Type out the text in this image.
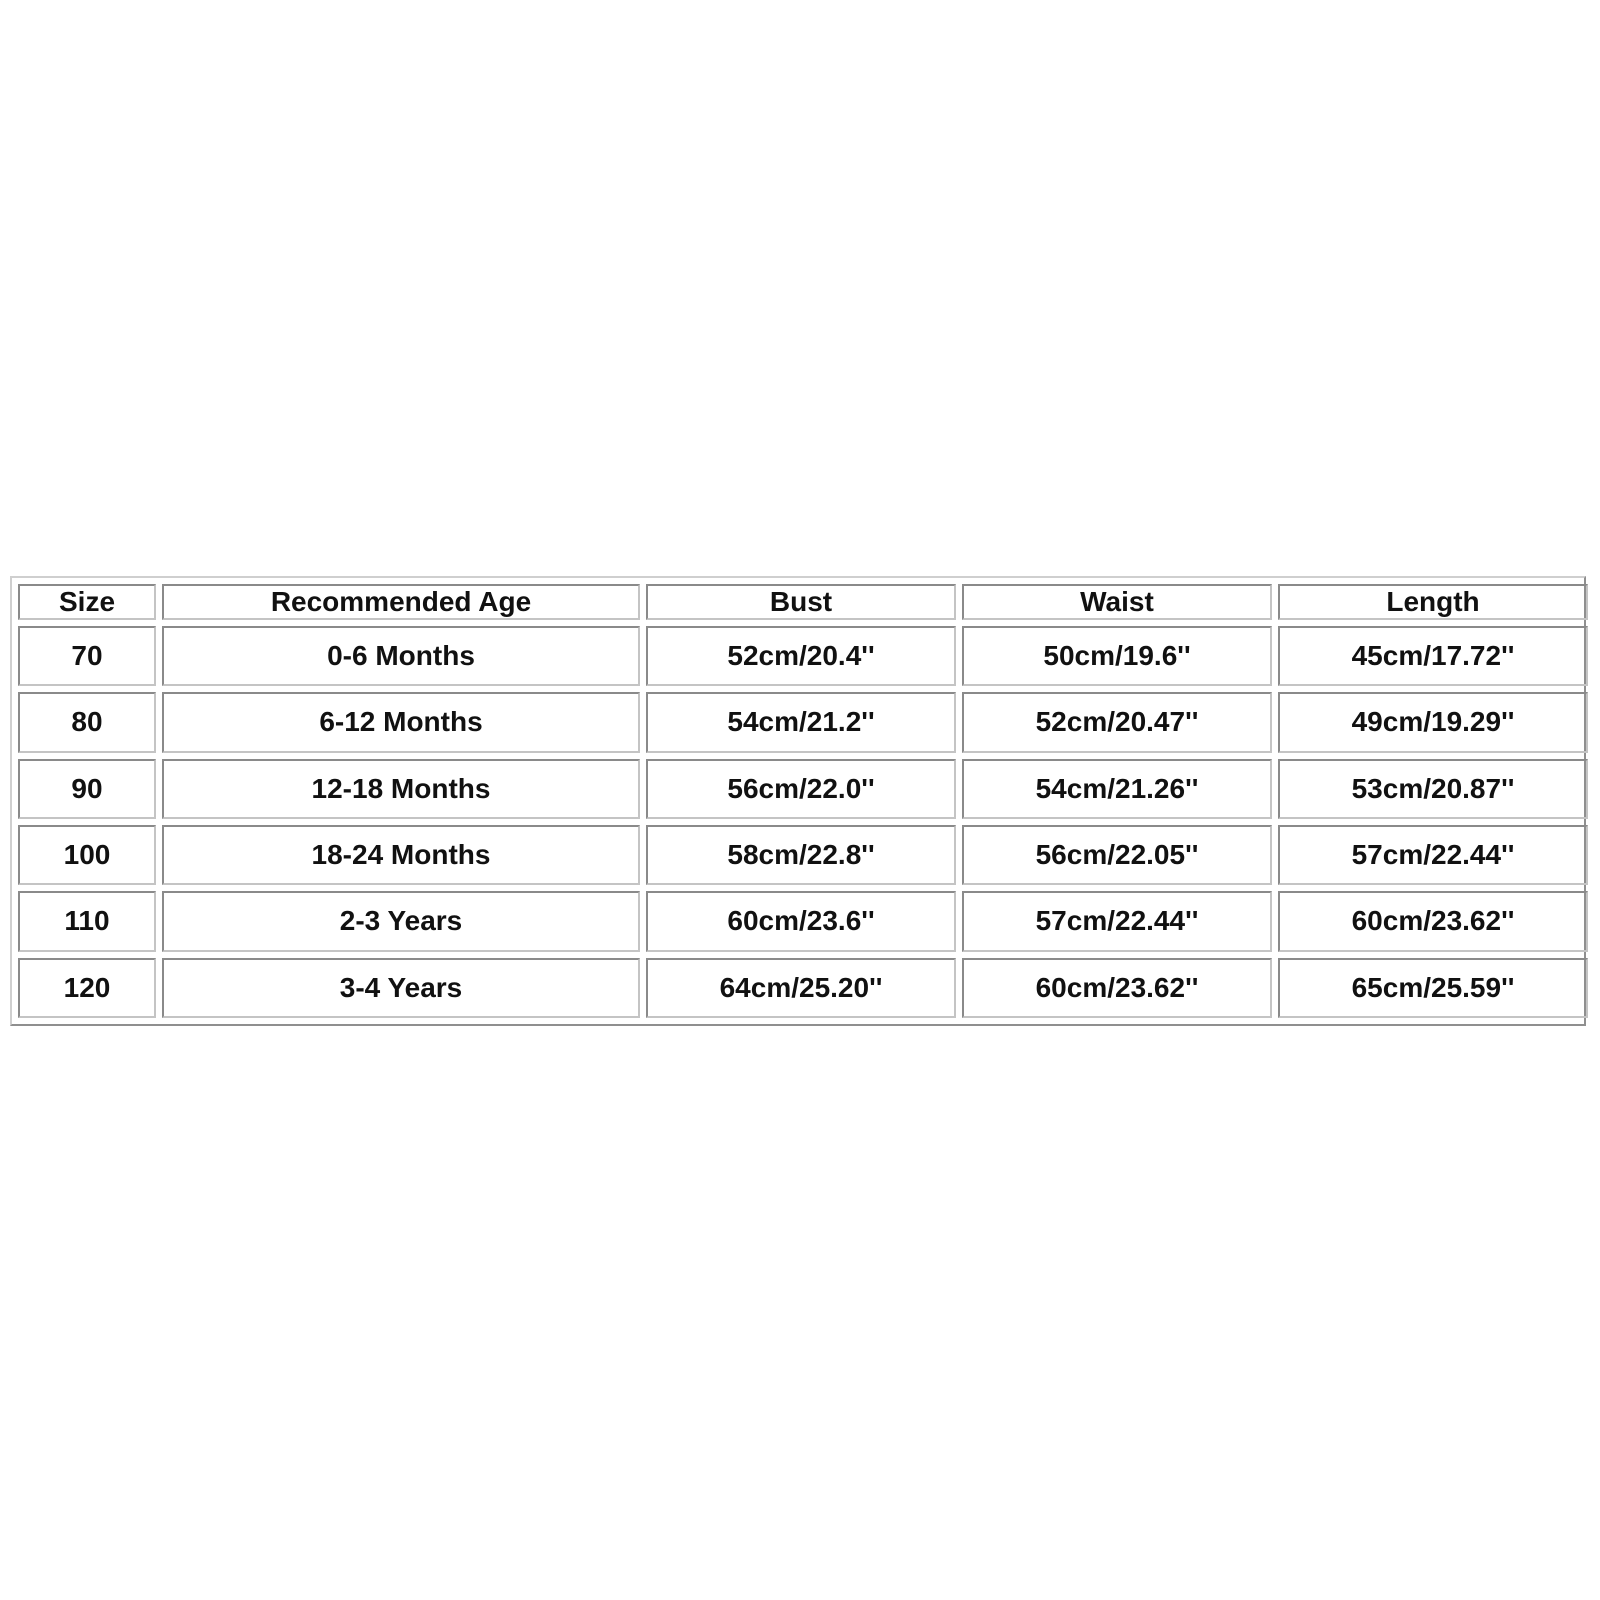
Size	Recommended Age	Bust	Waist	Length
70	0-6 Months	52cm/20.4''	50cm/19.6''	45cm/17.72''
80	6-12 Months	54cm/21.2''	52cm/20.47''	49cm/19.29''
90	12-18 Months	56cm/22.0''	54cm/21.26''	53cm/20.87''
100	18-24 Months	58cm/22.8''	56cm/22.05''	57cm/22.44''
110	2-3 Years	60cm/23.6''	57cm/22.44''	60cm/23.62''
120	3-4 Years	64cm/25.20''	60cm/23.62''	65cm/25.59''
